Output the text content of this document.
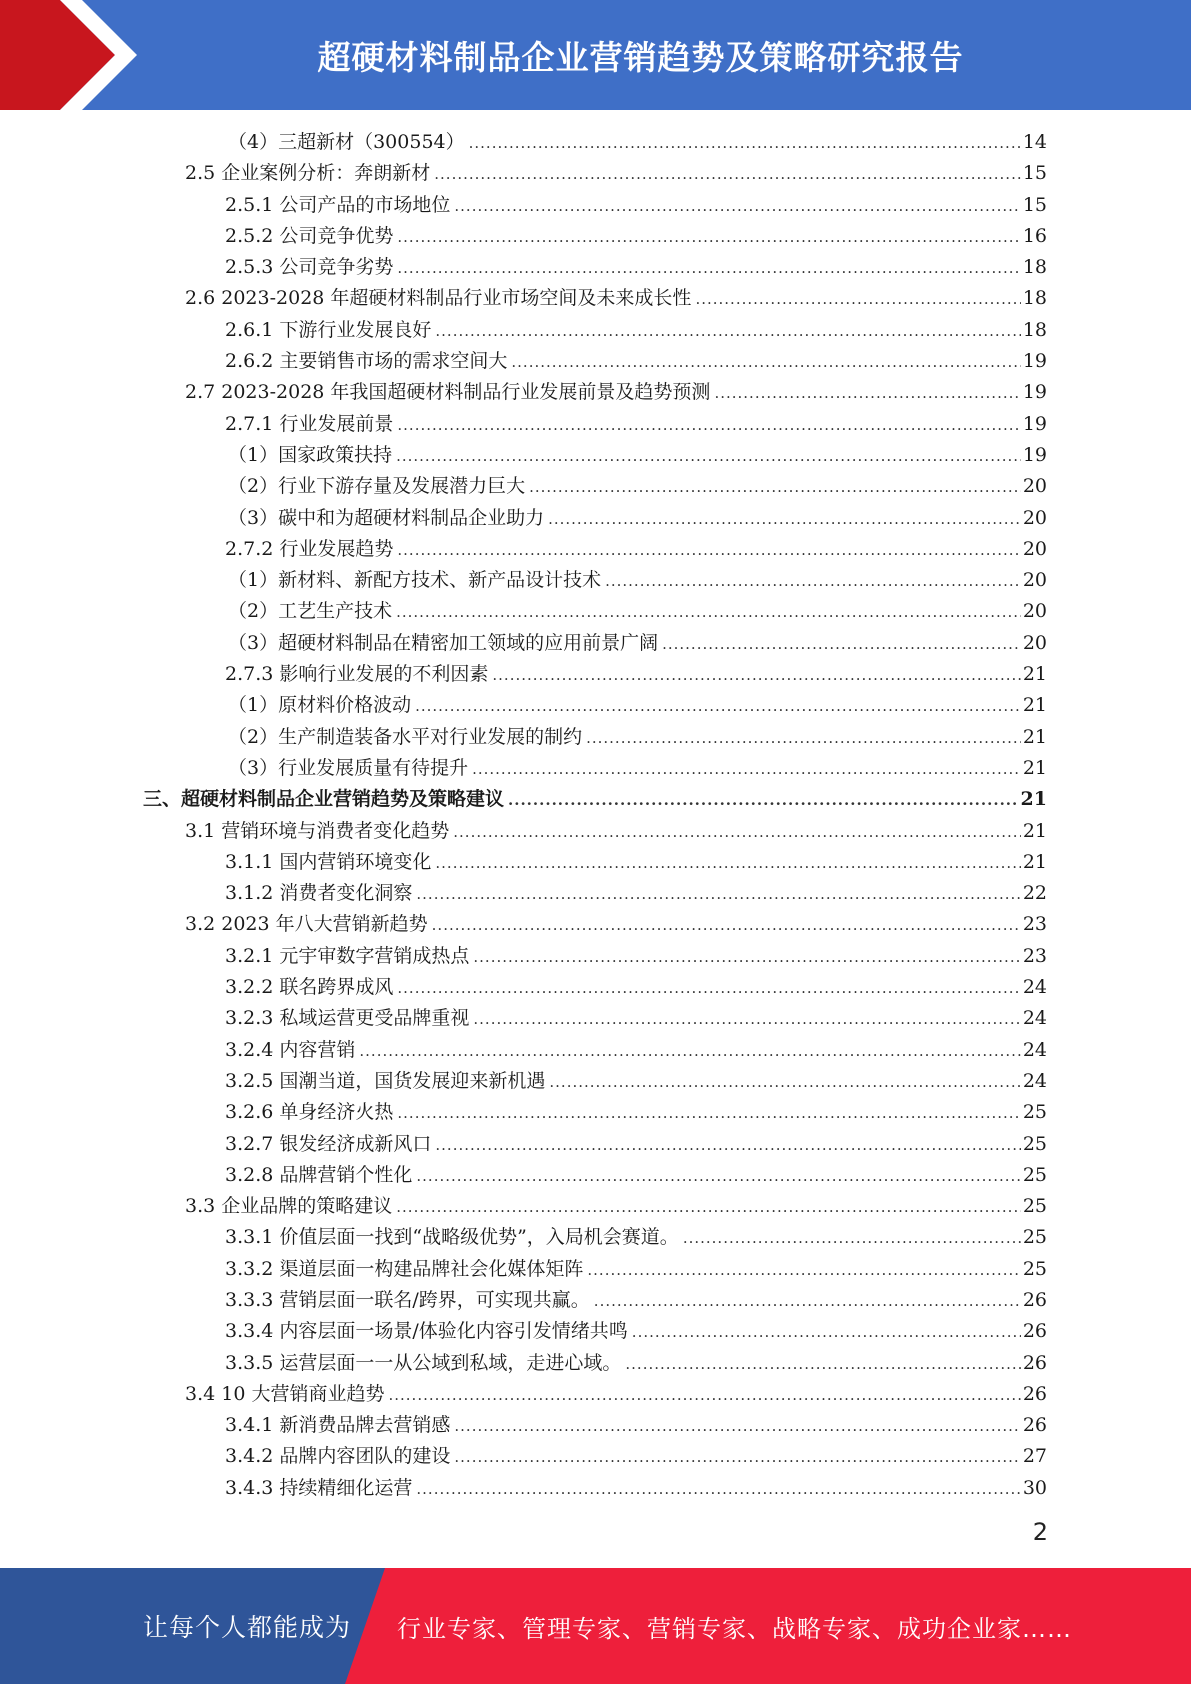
超硬材料制品企业营销趋势及策略研究报告
（4）三超新材（300554） .....	14
2.5 企业案例分析：奔朗新材 .....	15
2.5.1 公司产品的市场地位 .....	15
2.5.2 公司竞争优势 .....	16
2.5.3 公司竞争劣势 .....	18
2.6 2023-2028 年超硬材料制品行业市场空间及未来成长性 .....	18
2.6.1 下游行业发展良好 .....	18
2.6.2 主要销售市场的需求空间大 .....	19
2.7 2023-2028 年我国超硬材料制品行业发展前景及趋势预测 .....	19
2.7.1 行业发展前景 .....	19
（1）国家政策扶持 .....	19
（2）行业下游存量及发展潜力巨大 .....	20
（3）碳中和为超硬材料制品企业助力 .....	20
2.7.2 行业发展趋势 .....	20
（1）新材料、新配方技术、新产品设计技术 .....	20
（2）工艺生产技术 .....	20
（3）超硬材料制品在精密加工领域的应用前景广阔 .....	20
2.7.3 影响行业发展的不利因素 .....	21
（1）原材料价格波动 .....	21
（2）生产制造装备水平对行业发展的制约 .....	21
（3）行业发展质量有待提升 .....	21
三、超硬材料制品企业营销趋势及策略建议 .....	21
3.1 营销环境与消费者变化趋势 .....	21
3.1.1 国内营销环境变化 .....	21
3.1.2 消费者变化洞察 .....	22
3.2 2023 年八大营销新趋势 .....	23
3.2.1 元宇审数字营销成热点 .....	23
3.2.2 联名跨界成风 .....	24
3.2.3 私域运营更受品牌重视 .....	24
3.2.4 内容营销 .....	24
3.2.5 国潮当道，国货发展迎来新机遇 .....	24
3.2.6 单身经济火热 .....	25
3.2.7 银发经济成新风口 .....	25
3.2.8 品牌营销个性化 .....	25
3.3 企业品牌的策略建议 .....	25
3.3.1 价值层面一找到“战略级优势”，入局机会赛道。 .....	25
3.3.2 渠道层面一构建品牌社会化媒体矩阵 .....	25
3.3.3 营销层面一联名/跨界，可实现共赢。 .....	26
3.3.4 内容层面一场景/体验化内容引发情绪共鸣 .....	26
3.3.5 运营层面一一从公域到私域，走进心域。 .....	26
3.4 10 大营销商业趋势 .....	26
3.4.1 新消费品牌去营销感 .....	26
3.4.2 品牌内容团队的建设 .....	27
3.4.3 持续精细化运营 .....	30
2
让每个人都能成为 行业专家、管理专家、营销专家、战略专家、成功企业家……
